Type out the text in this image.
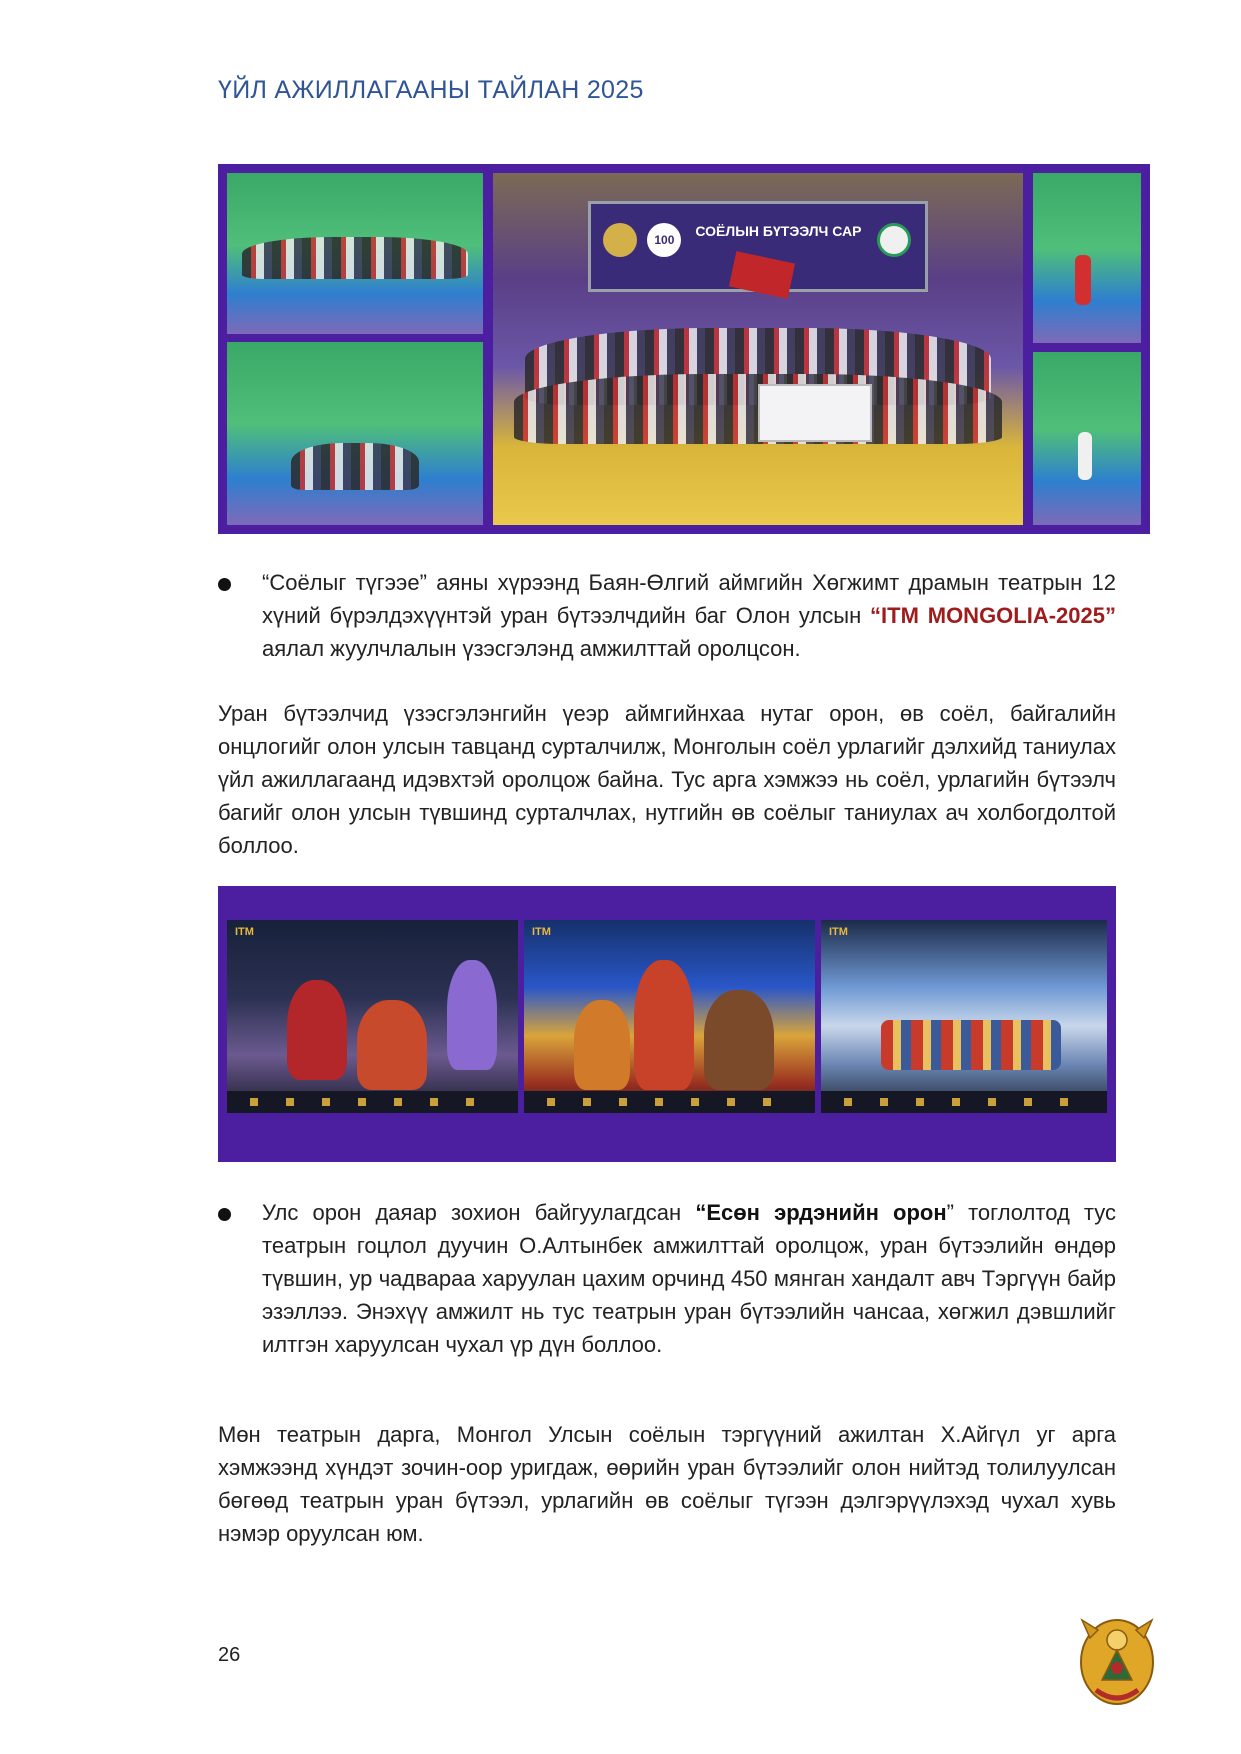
ҮЙЛ АЖИЛЛАГААНЫ ТАЙЛАН 2025
100
СОЁЛЫН БҮТЭЭЛЧ САР
“Соёлыг түгээе” аяны хүрээнд Баян-Өлгий аймгийн Хөгжимт драмын театрын 12 хүний бүрэлдэхүүнтэй уран бүтээлчдийн баг Олон улсын “ITM MONGOLIA-2025” аялал жуулчлалын үзэсгэлэнд амжилттай оролцсон.
Уран бүтээлчид үзэсгэлэнгийн үеэр аймгийнхаа нутаг орон, өв соёл, байгалийн онцлогийг олон улсын тавцанд сурталчилж, Монголын соёл урлагийг дэлхийд таниулах үйл ажиллагаанд идэвхтэй оролцож байна. Тус арга хэмжээ нь соёл, урлагийн бүтээлч багийг олон улсын түвшинд сурталчлах, нутгийн өв соёлыг таниулах ач холбогдолтой боллоо.
ITM	ITM	ITM
Улс орон даяар зохион байгуулагдсан “Есөн эрдэнийн орон” тоглолтод тус театрын гоцлол дуучин О.Алтынбек амжилттай оролцож, уран бүтээлийн өндөр түвшин, ур чадвараа харуулан цахим орчинд 450 мянган хандалт авч Тэргүүн байр эзэллээ. Энэхүү амжилт нь тус театрын уран бүтээлийн чансаа, хөгжил дэвшлийг илтгэн харуулсан чухал үр дүн боллоо.
Мөн театрын дарга, Монгол Улсын соёлын тэргүүний ажилтан Х.Айгүл уг арга хэмжээнд хүндэт зочин-оор уригдаж, өөрийн уран бүтээлийг олон нийтэд толилуулсан бөгөөд театрын уран бүтээл, урлагийн өв соёлыг түгээн дэлгэрүүлэхэд чухал хувь нэмэр оруулсан юм.
26
